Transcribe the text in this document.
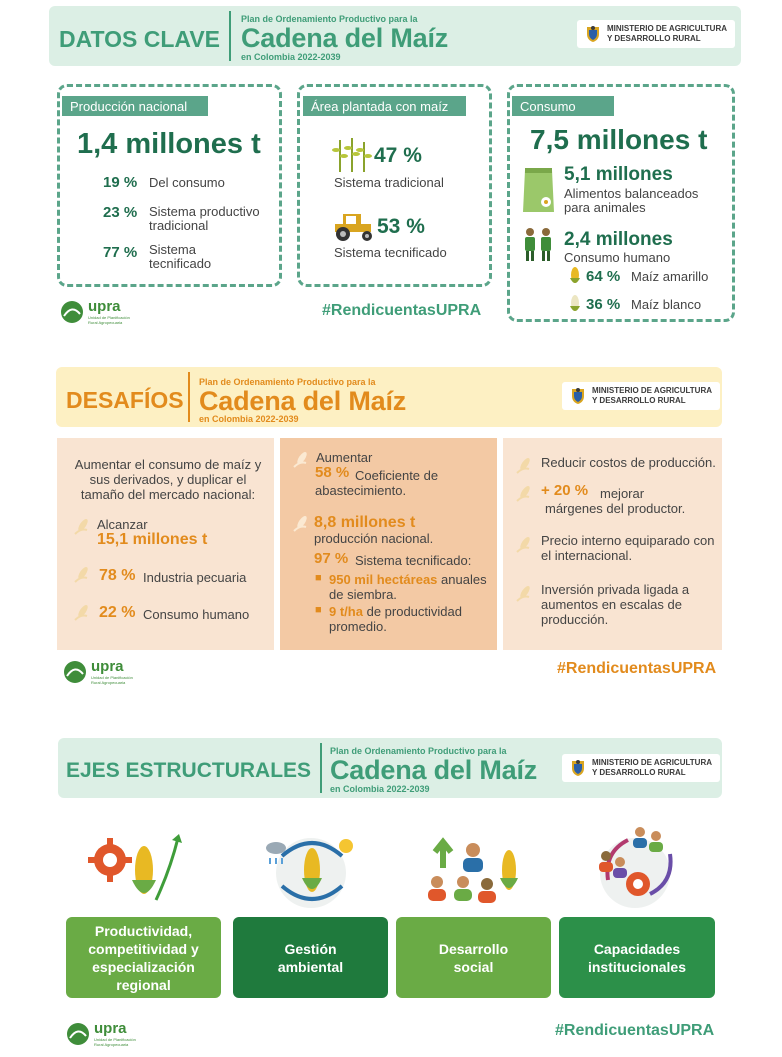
DATOS CLAVE
Plan de Ordenamiento Productivo para la
Cadena del Maíz
en Colombia 2022-2039
MINISTERIO DE AGRICULTURA
Y DESARROLLO RURAL
Producción nacional
1,4 millones t
19 % Del consumo
23 % Sistema productivo tradicional
77 % Sistema tecnificado
Área plantada con maíz
47 %
Sistema tradicional
53 %
Sistema tecnificado
Consumo
7,5 millones t
5,1 millones
Alimentos balanceados para animales
2,4 millones
Consumo humano
64 % Maíz amarillo
36 % Maíz blanco
upra
Unidad de Planificación
Rural Agropecuaria
#RendicuentasUPRA
DESAFÍOS
Plan de Ordenamiento Productivo para la
Cadena del Maíz
en Colombia 2022-2039
MINISTERIO DE AGRICULTURA
Y DESARROLLO RURAL
Aumentar el consumo de maíz y sus derivados, y duplicar el tamaño del mercado nacional:
Alcanzar
15,1 millones t
78 % Industria pecuaria
22 % Consumo humano
Aumentar
58 % Coeficiente de abastecimiento.
8,8 millones t
producción nacional.
97 % Sistema tecnificado:
■ 950 mil hectáreas anuales de siembra.
■ 9 t/ha de productividad promedio.
Reducir costos de producción.
+ 20 % mejorar márgenes del productor.
Precio interno equiparado con el internacional.
Inversión privada ligada a aumentos en escalas de producción.
upra
Unidad de Planificación
Rural Agropecuaria
#RendicuentasUPRA
EJES ESTRUCTURALES
Plan de Ordenamiento Productivo para la
Cadena del Maíz
en Colombia 2022-2039
MINISTERIO DE AGRICULTURA
Y DESARROLLO RURAL
Productividad, competitividad y especialización regional
Gestión ambiental
Desarrollo social
Capacidades institucionales
upra
Unidad de Planificación
Rural Agropecuaria
#RendicuentasUPRA
